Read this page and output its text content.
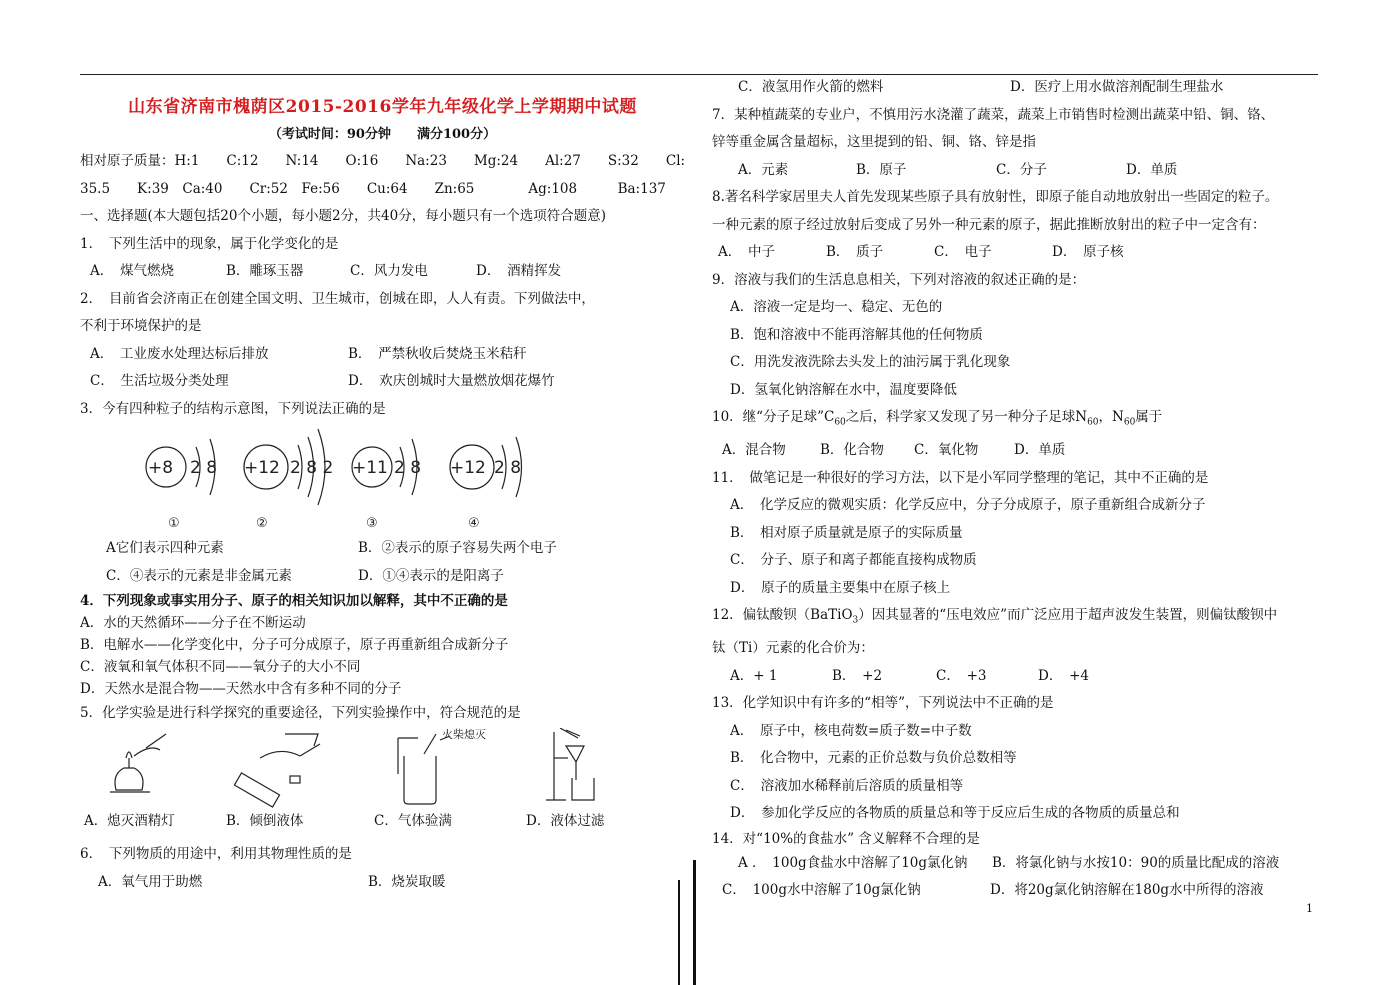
山东省济南市槐荫区2015-2016学年九年级化学上学期期中试题
（考试时间：90分钟　　满分100分）
相对原子质量：H:1　　C:12　　N:14　　O:16　　Na:23　　Mg:24　　Al:27　　S:32　　Cl:
35.5　　K:39　Ca:40　　Cr:52　Fe:56　　Cu:64　　Zn:65　　　　Ag:108　　　Ba:137
一、选择题(本大题包括20个小题，每小题2分，共40分，每小题只有一个选项符合题意)
1．　下列生活中的现象，属于化学变化的是
A．　煤气燃烧	B．雕琢玉器	C．风力发电	D．　酒精挥发
2．　目前省会济南正在创建全国文明、卫生城市，创城在即，人人有责。下列做法中，
不利于环境保护的是
A．　工业废水处理达标后排放	B．　严禁秋收后焚烧玉米秸秆
C．　生活垃圾分类处理	D．　欢庆创城时大量燃放烟花爆竹
3．今有四种粒子的结构示意图，下列说法正确的是
+8 2 8 +12 2 8 2 +11 2 8 +12 2 8
①	②	③	④
A它们表示四种元素	B．②表示的原子容易失两个电子
C．④表示的元素是非金属元素	D．①④表示的是阳离子
4．下列现象或事实用分子、原子的相关知识加以解释，其中不正确的是
A．水的天然循环——分子在不断运动
B．电解水——化学变化中，分子可分成原子，原子再重新组合成新分子
C．液氧和氧气体积不同——氧分子的大小不同
D．天然水是混合物——天然水中含有多种不同的分子
5．化学实验是进行科学探究的重要途径，下列实验操作中，符合规范的是
火柴熄灭
A．熄灭酒精灯	B．倾倒液体	C．气体验满	D．液体过滤
6．　下列物质的用途中，利用其物理性质的是
A．氧气用于助燃	B．烧炭取暖
C．液氢用作火箭的燃料	D．医疗上用水做溶剂配制生理盐水
7．某种植蔬菜的专业户，不慎用污水浇灌了蔬菜，蔬菜上市销售时检测出蔬菜中铅、铜、铬、
锌等重金属含量超标，这里提到的铅、铜、铬、锌是指
A．元素	B．原子	C．分子	D．单质
8.著名科学家居里夫人首先发现某些原子具有放射性，即原子能自动地放射出一些固定的粒子。
一种元素的原子经过放射后变成了另外一种元素的原子，据此推断放射出的粒子中一定含有：
A．　中子	B．　质子	C．　电子	D．　原子核
9．溶液与我们的生活息息相关，下列对溶液的叙述正确的是：
A．溶液一定是均一、稳定、无色的
B．饱和溶液中不能再溶解其他的任何物质
C．用洗发液洗除去头发上的油污属于乳化现象
D．氢氧化钠溶解在水中，温度要降低
10．继“分子足球$”C_{60}$之后，科学家又发现了另一种分子足球$N_{60}$，$N_{60}$属于
A．混合物	B．化合物	C．氧化物	D．单质
11．　做笔记是一种很好的学习方法，以下是小军同学整理的笔记，其中不正确的是
A．　化学反应的微观实质：化学反应中，分子分成原子，原子重新组合成新分子
B．　相对原子质量就是原子的实际质量
C．　分子、原子和离子都能直接构成物质
D．　原子的质量主要集中在原子核上
12．偏钛酸钡（BaTiO$_3$）因其显著的“压电效应”而广泛应用于超声波发生装置，则偏钛酸钡中
钛（Ti）元素的化合价为：
A．+ 1	B．　+2	C．　+3	D．　+4
13．化学知识中有许多的“相等”，下列说法中不正确的是
A．　原子中，核电荷数=质子数=中子数
B．　化合物中，元素的正价总数与负价总数相等
C．　溶液加水稀释前后溶质的质量相等
D．　参加化学反应的各物质的质量总和等于反应后生成的各物质的质量总和
14．对“10%的食盐水” 含义解释不合理的是
A ．　100g食盐水中溶解了10g氯化钠	B．将氯化钠与水按10：90的质量比配成的溶液
C．　100g水中溶解了10g氯化钠	D．将20g氯化钠溶解在180g水中所得的溶液
1
